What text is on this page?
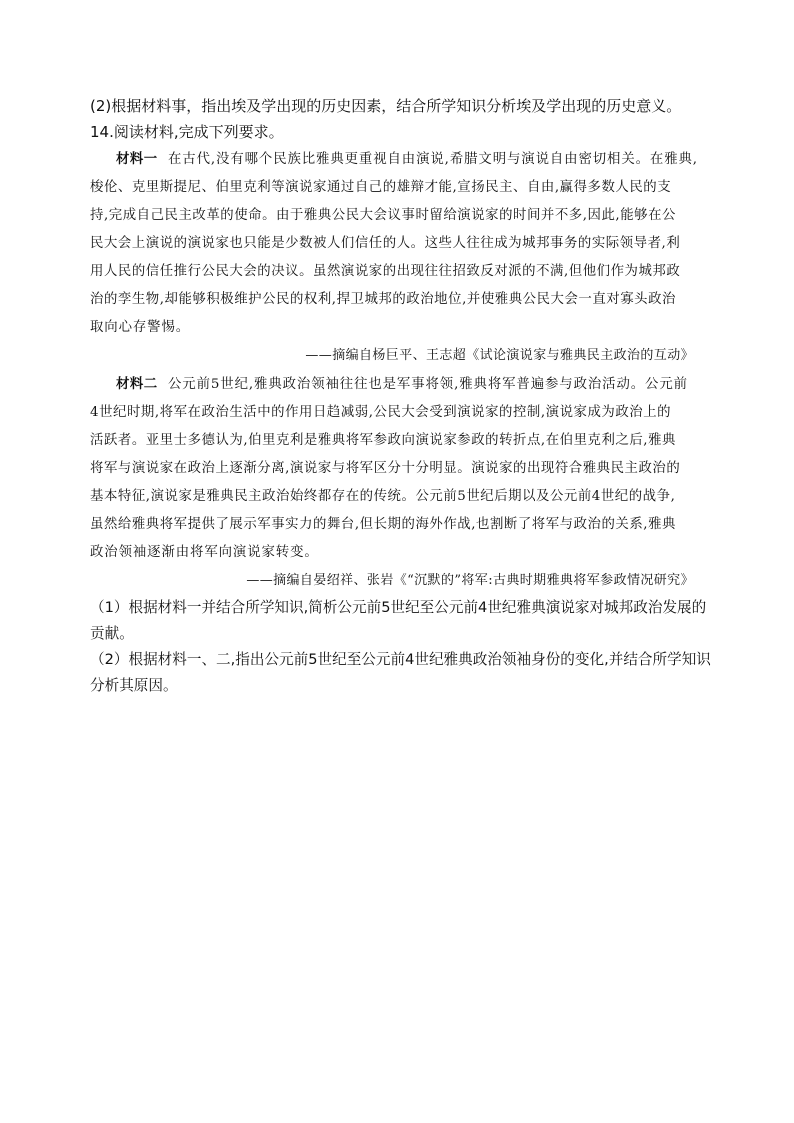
(2)根据材料事，指出埃及学出现的历史因素，结合所学知识分析埃及学出现的历史意义。
14.阅读材料,完成下列要求。
材料一 在古代,没有哪个民族比雅典更重视自由演说,希腊文明与演说自由密切相关。在雅典,
梭伦、克里斯提尼、伯里克利等演说家通过自己的雄辩才能,宣扬民主、自由,赢得多数人民的支
持,完成自己民主改革的使命。由于雅典公民大会议事时留给演说家的时间并不多,因此,能够在公
民大会上演说的演说家也只能是少数被人们信任的人。这些人往往成为城邦事务的实际领导者,利
用人民的信任推行公民大会的决议。虽然演说家的出现往往招致反对派的不满,但他们作为城邦政
治的孪生物,却能够积极维护公民的权利,捍卫城邦的政治地位,并使雅典公民大会一直对寡头政治
取向心存警惕。
——摘编自杨巨平、王志超《试论演说家与雅典民主政治的互动》
材料二 公元前5世纪,雅典政治领袖往往也是军事将领,雅典将军普遍参与政治活动。公元前
4世纪时期,将军在政治生活中的作用日趋减弱,公民大会受到演说家的控制,演说家成为政治上的
活跃者。亚里士多德认为,伯里克利是雅典将军参政向演说家参政的转折点,在伯里克利之后,雅典
将军与演说家在政治上逐渐分离,演说家与将军区分十分明显。演说家的出现符合雅典民主政治的
基本特征,演说家是雅典民主政治始终都存在的传统。公元前5世纪后期以及公元前4世纪的战争,
虽然给雅典将军提供了展示军事实力的舞台,但长期的海外作战,也割断了将军与政治的关系,雅典
政治领袖逐渐由将军向演说家转变。
——摘编自晏绍祥、张岩《“沉默的”将军:古典时期雅典将军参政情况研究》
（1）根据材料一并结合所学知识,简析公元前5世纪至公元前4世纪雅典演说家对城邦政治发展的
贡献。
（2）根据材料一、二,指出公元前5世纪至公元前4世纪雅典政治领袖身份的变化,并结合所学知识
分析其原因。
